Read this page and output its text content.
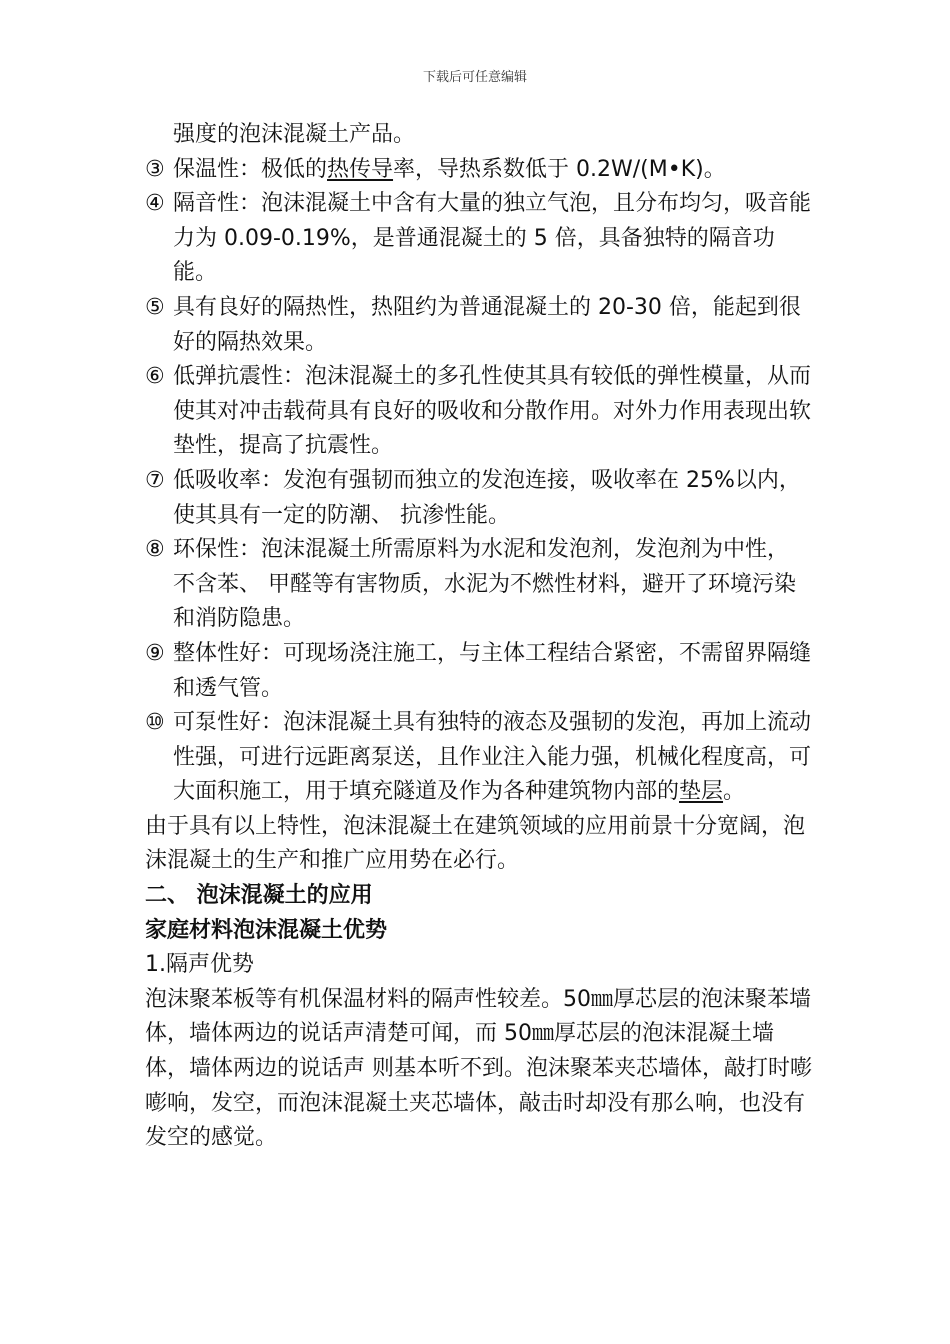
下载后可任意编辑
强度的泡沫混凝土产品。
③ 保温性：极低的热传导率，导热系数低于 0.2W/(M•K)。
④ 隔音性：泡沫混凝土中含有大量的独立气泡，且分布均匀，吸音能力为 0.09-0.19%，是普通混凝土的 5 倍，具备独特的隔音功能。
⑤ 具有良好的隔热性，热阻约为普通混凝土的 20-30 倍，能起到很好的隔热效果。
⑥ 低弹抗震性：泡沫混凝土的多孔性使其具有较低的弹性模量，从而使其对冲击载荷具有良好的吸收和分散作用。对外力作用表现出软垫性，提高了抗震性。
⑦ 低吸收率：发泡有强韧而独立的发泡连接，吸收率在 25%以内，使其具有一定的防潮、 抗渗性能。
⑧ 环保性：泡沫混凝土所需原料为水泥和发泡剂，发泡剂为中性， 不含苯、 甲醛等有害物质，水泥为不燃性材料，避开了环境污染和消防隐患。
⑨ 整体性好：可现场浇注施工，与主体工程结合紧密，不需留界隔缝和透气管。
⑩ 可泵性好：泡沫混凝土具有独特的液态及强韧的发泡，再加上流动性强，可进行远距离泵送，且作业注入能力强，机械化程度高，可大面积施工，用于填充隧道及作为各种建筑物内部的垫层。
由于具有以上特性，泡沫混凝土在建筑领域的应用前景十分宽阔，泡沫混凝土的生产和推广应用势在必行。
二、 泡沫混凝土的应用
家庭材料泡沫混凝土优势
1.隔声优势
泡沫聚苯板等有机保温材料的隔声性较差。50㎜厚芯层的泡沫聚苯墙体，墙体两边的说话声清楚可闻，而 50㎜厚芯层的泡沫混凝土墙体，墙体两边的说话声 则基本听不到。泡沫聚苯夹芯墙体，敲打时嘭嘭响，发空，而泡沫混凝土夹芯墙体，敲击时却没有那么响，也没有发空的感觉。
